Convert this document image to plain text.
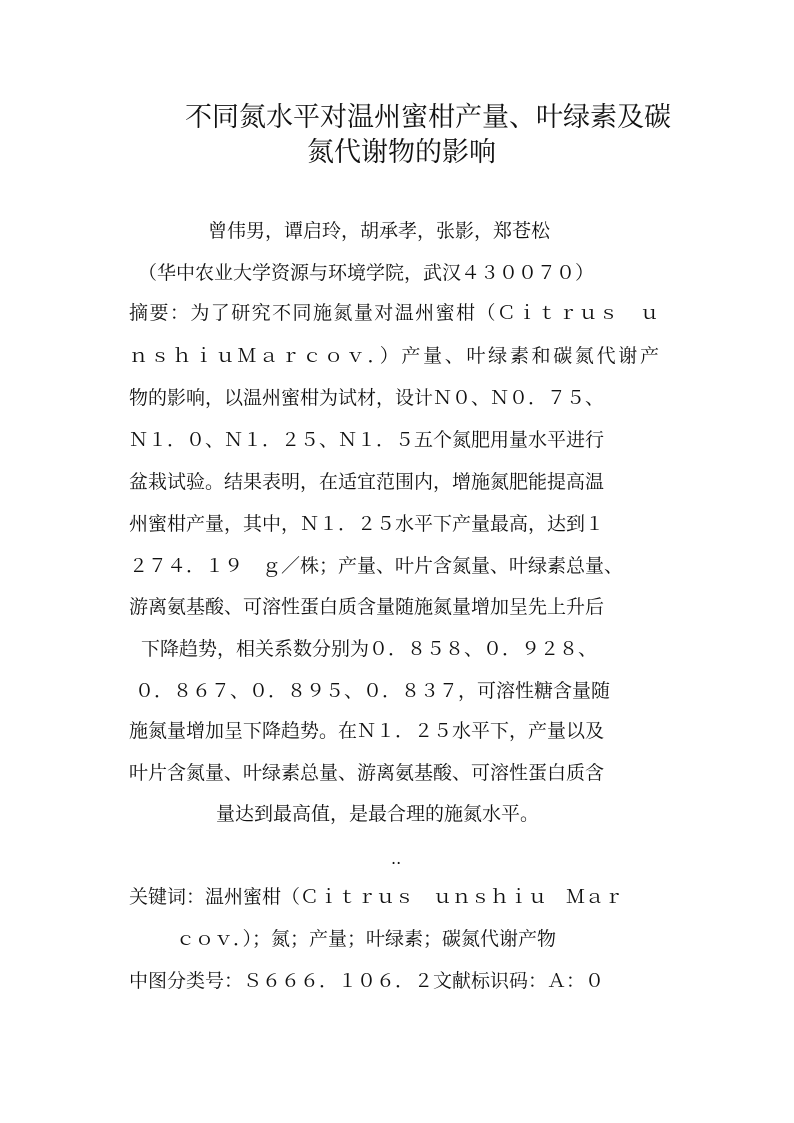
不同氮水平对温州蜜柑产量、叶绿素及碳
氮代谢物的影响
曾伟男，谭启玲，胡承孝，张影，郑苍松
（华中农业大学资源与环境学院，武汉４３００７０）
摘要：为了研究不同施氮量对温州蜜柑（Ｃｉｔｒｕｓ　ｕ
ｎｓｈｉｕＭａｒｃｏｖ．）产量、叶绿素和碳氮代谢产
物的影响，以温州蜜柑为试材，设计Ｎ０、Ｎ０．７５、
Ｎ１．０、Ｎ１．２５、Ｎ１．５五个氮肥用量水平进行
盆栽试验。结果表明，在适宜范围内，增施氮肥能提高温
州蜜柑产量，其中，Ｎ１．２５水平下产量最高，达到１
２７４．１９　ｇ／株；产量、叶片含氮量、叶绿素总量、
游离氨基酸、可溶性蛋白质含量随施氮量增加呈先上升后
下降趋势，相关系数分别为０．８５８、０．９２８、
０．８６７、０．８９５、０．８３７，可溶性糖含量随
施氮量增加呈下降趋势。在Ｎ１．２５水平下，产量以及
叶片含氮量、叶绿素总量、游离氨基酸、可溶性蛋白质含
量达到最高值，是最合理的施氮水平。
..
关键词：温州蜜柑（Ｃｉｔｒｕｓ　ｕｎｓｈｉｕ　Ｍａｒ
ｃｏｖ．）；氮；产量；叶绿素；碳氮代谢产物
中图分类号：Ｓ６６６．１０６．２文献标识码：Ａ：０
